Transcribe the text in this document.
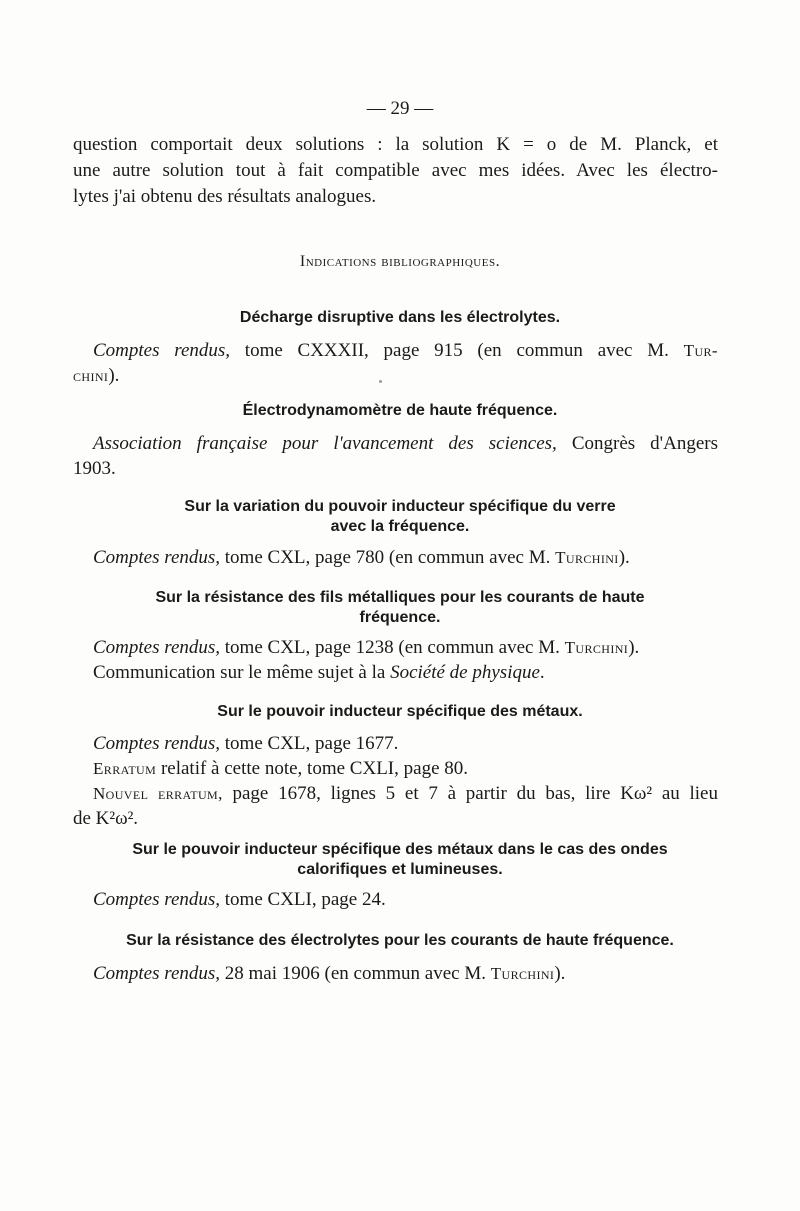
— 29 —
question comportait deux solutions : la solution K = o de M. Planck, et
une autre solution tout à fait compatible avec mes idées. Avec les électro-
lytes j'ai obtenu des résultats analogues.
Indications bibliographiques.
Décharge disruptive dans les électrolytes.
Comptes rendus, tome CXXXII, page 915 (en commun avec M. Tur-
chini).
Électrodynamomètre de haute fréquence.
Association française pour l'avancement des sciences, Congrès d'Angers
1903.
Sur la variation du pouvoir inducteur spécifique du verre
avec la fréquence.
Comptes rendus, tome CXL, page 780 (en commun avec M. Turchini).
Sur la résistance des fils métalliques pour les courants de haute
fréquence.
Comptes rendus, tome CXL, page 1238 (en commun avec M. Turchini).
Communication sur le même sujet à la Société de physique.
Sur le pouvoir inducteur spécifique des métaux.
Comptes rendus, tome CXL, page 1677.
Erratum relatif à cette note, tome CXLI, page 80.
Nouvel erratum, page 1678, lignes 5 et 7 à partir du bas, lire Kω² au lieu
de K²ω².
Sur le pouvoir inducteur spécifique des métaux dans le cas des ondes
calorifiques et lumineuses.
Comptes rendus, tome CXLI, page 24.
Sur la résistance des électrolytes pour les courants de haute fréquence.
Comptes rendus, 28 mai 1906 (en commun avec M. Turchini).
